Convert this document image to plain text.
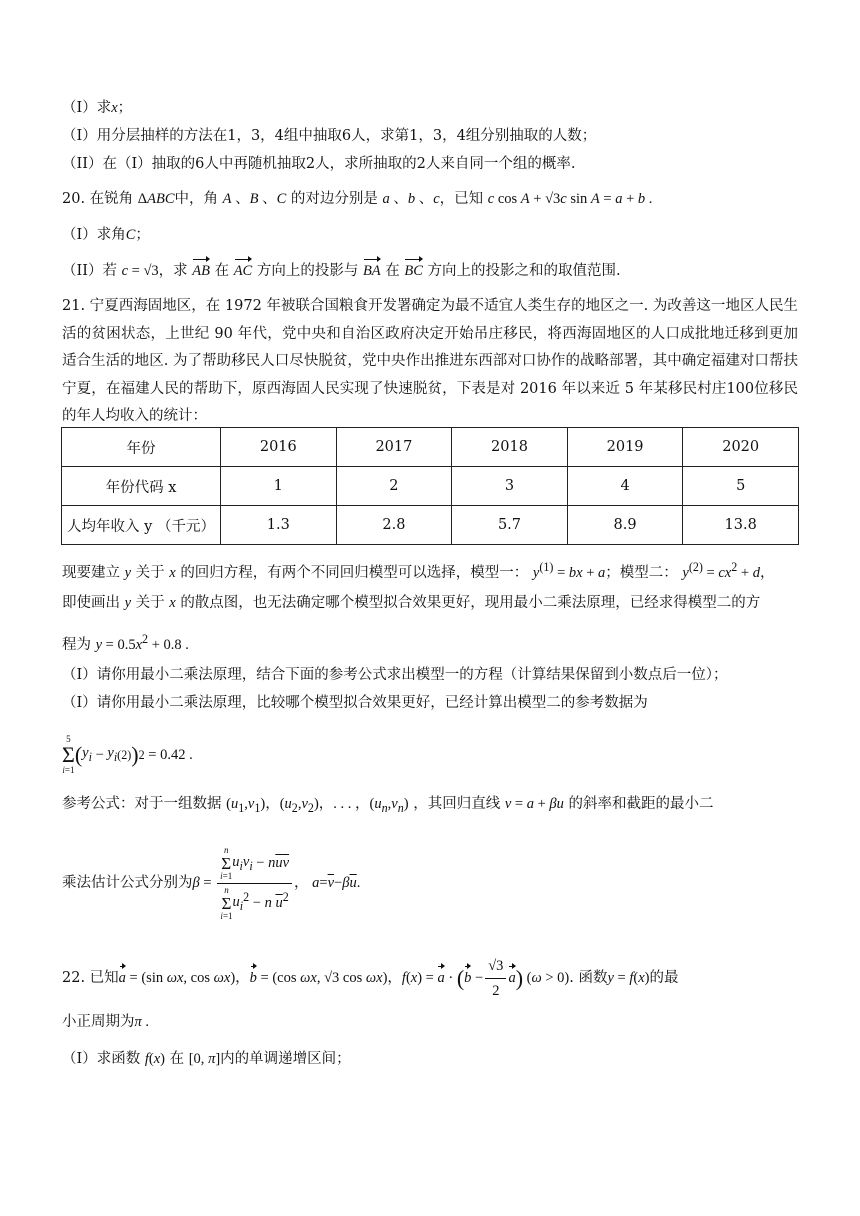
（I）求x；
（I）用分层抽样的方法在1，3，4组中抽取6人，求第1，3，4组分别抽取的人数；
（II）在（I）抽取的6人中再随机抽取2人，求所抽取的2人来自同一个组的概率.
20. 在锐角 ΔABC中，角 A 、B 、C 的对边分别是 a 、b 、c，已知 c cos A + √3c sin A = a + b .
（I）求角C；
（II）若 c = √3，求 AB 在 AC 方向上的投影与 BA 在 BC 方向上的投影之和的取值范围.
21. 宁夏西海固地区，在 1972 年被联合国粮食开发署确定为最不适宜人类生存的地区之一. 为改善这一地区人民生活的贫困状态，上世纪 90 年代，党中央和自治区政府决定开始吊庄移民，将西海固地区的人口成批地迁移到更加适合生活的地区. 为了帮助移民人口尽快脱贫，党中央作出推进东西部对口协作的战略部署，其中确定福建对口帮扶宁夏，在福建人民的帮助下，原西海固人民实现了快速脱贫，下表是对 2016 年以来近 5 年某移民村庄100位移民的年人均收入的统计：
年份	2016	2017	2018	2019	2020
年份代码 x	1	2	3	4	5
人均年收入 y （千元）	1.3	2.8	5.7	8.9	13.8
现要建立 y 关于 x 的回归方程，有两个不同回归模型可以选择，模型一： $y^{(1)}$ = bx + a；模型二： $y^{(2)} = cx^2 + d$，
即使画出 y 关于 x 的散点图，也无法确定哪个模型拟合效果更好，现用最小二乘法原理，已经求得模型二的方
程为 $y = 0.5x^2 + 0.8$ .
（I）请你用最小二乘法原理，结合下面的参考公式求出模型一的方程（计算结果保留到小数点后一位）；
（I）请你用最小二乘法原理，比较哪个模型拟合效果更好，已经计算出模型二的参考数据为
5
Σ
i=1
( $y_i - y_i$ (2) ) 2
= 0.42 .
参考公式：对于一组数据 $(u_1,v_1)$，$(u_2,v_2)$，. . . ，$(u_n,v_n)$ ，其回归直线 v = a + βu 的斜率和截距的最小二
乘法估计公式分别为 β = n
Σ
i=1
$u_iv_i - n\overline{u}\overline{v}$
n
Σ
i=1
$u_i^2 - n$ $\overline{u}^2$ ， $a = \overline{v} - \beta$ $\overline{u}$ .
22. 已知 a = (sin ωx, cos ωx)，b = (cos ωx, √3 cos ωx)，$f(x) = a \cdot (b - \frac{√3}{2} a)$ (ω > 0) . 函数 y = f(x) 的最
小正周期为π .
（I）求函数 f(x) 在 [0, π]内的单调递增区间；
